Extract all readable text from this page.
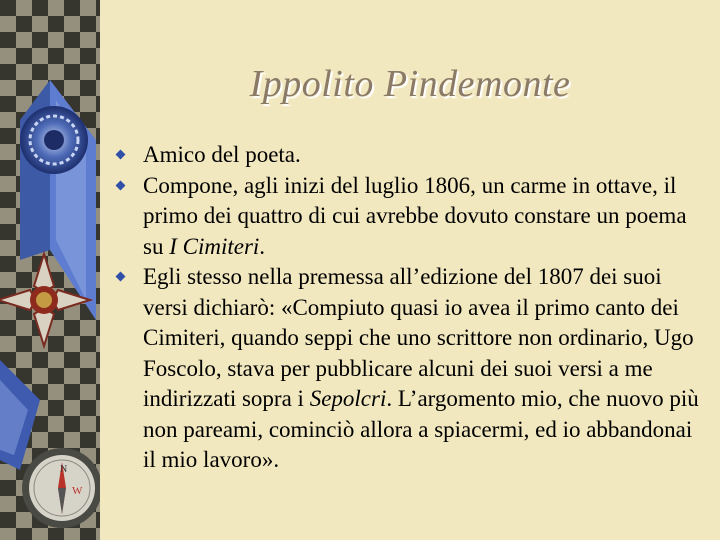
N
W
Ippolito Pindemonte
Amico del poeta.
Compone, agli inizi del luglio 1806, un carme in ottave, il primo dei quattro di cui avrebbe dovuto constare un poema su I Cimiteri.
Egli stesso nella premessa all’edizione del 1807 dei suoi versi dichiarò: «Compiuto quasi io avea il primo canto dei Cimiteri, quando seppi che uno scrittore non ordinario, Ugo Foscolo, stava per pubblicare alcuni dei suoi versi a me indirizzati sopra i Sepolcri. L’argomento mio, che nuovo più non pareami, cominciò allora a spiacermi, ed io abbandonai il mio lavoro».
